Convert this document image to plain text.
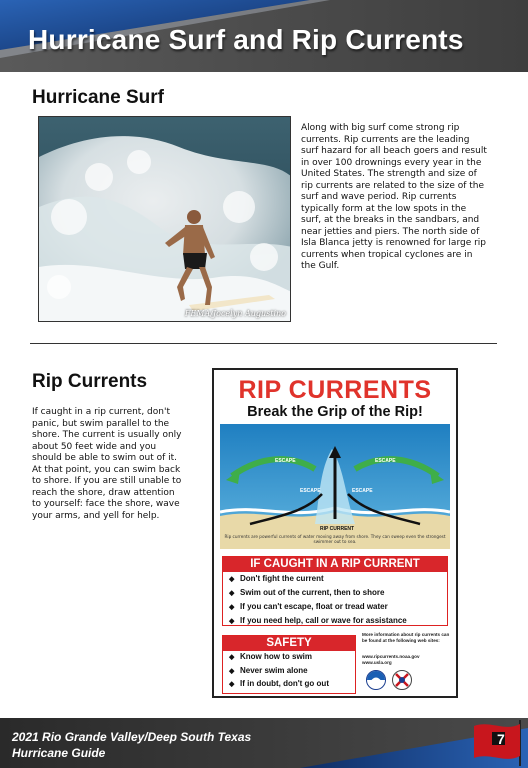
Hurricane Surf and Rip Currents
Hurricane Surf
FEMA/Jocelyn Augustino
Along with big surf come strong rip currents. Rip currents are the leading surf hazard for all beach goers and result in over 100 drownings every year in the United States. The strength and size of rip currents are related to the size of the surf and wave period. Rip currents typically form at the low spots in the surf, at the breaks in the sandbars, and near jetties and piers. The north side of Isla Blanca jetty is renowned for large rip currents when tropical cyclones are in the Gulf.
Rip Currents
If caught in a rip current, don't panic, but swim parallel to the shore. The current is usually only about 50 feet wide and you should be able to swim out of it. At that point, you can swim back to shore. If you are still unable to reach the shore, draw attention to yourself: face the shore, wave your arms, and yell for help.
RIP CURRENTS
Break the Grip of the Rip!
ESCAPE	ESCAPE
ESCAPE	ESCAPE
RIP CURRENT
Rip currents are powerful currents of water moving away from shore. They can sweep even the strongest swimmer out to sea.
IF CAUGHT IN A RIP CURRENT
◆ Don't fight the current
◆ Swim out of the current, then to shore
◆ If you can't escape, float or tread water
◆ If you need help, call or wave for assistance
SAFETY
◆ Know how to swim
◆ Never swim alone
◆ If in doubt, don't go out
More information about rip currents can be found at the following web sites:
www.ripcurrents.noaa.gov
www.usla.org
2021 Rio Grande Valley/Deep South Texas
Hurricane Guide
7
